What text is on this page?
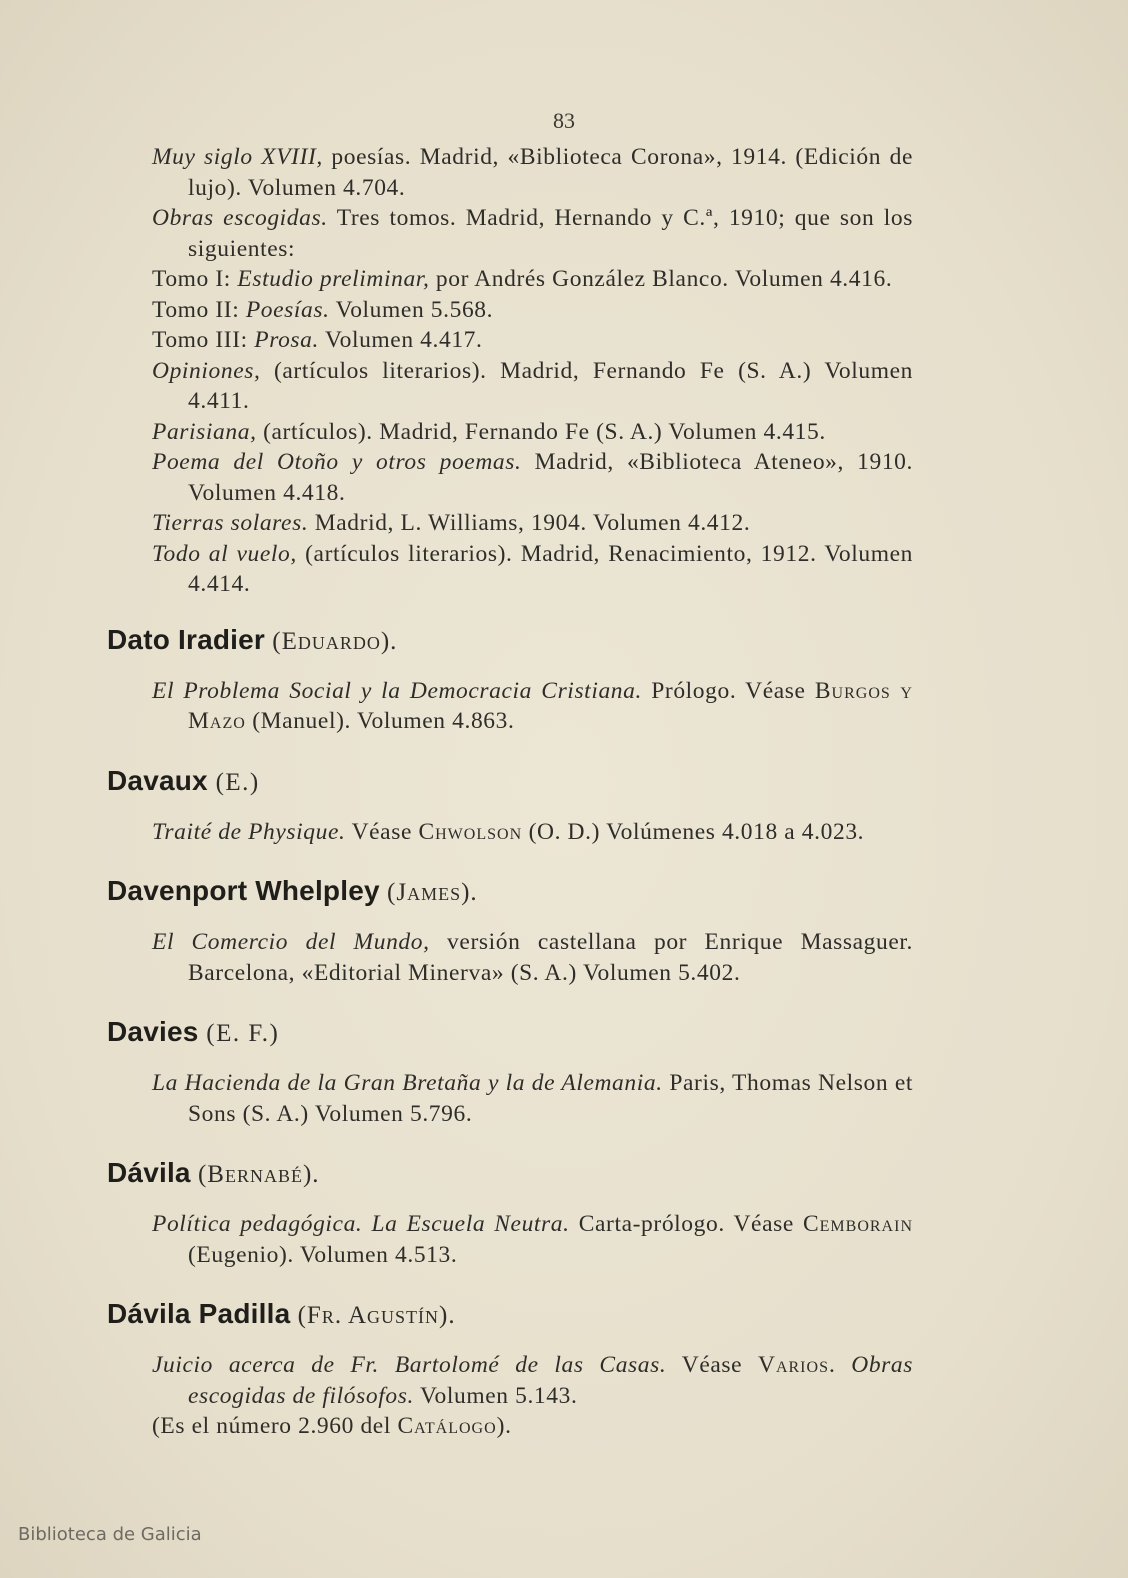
83

Muy siglo XVIII, poesías. Madrid, «Biblioteca Corona», 1914. (Edición de lujo). Volumen 4.704.

Obras escogidas. Tres tomos. Madrid, Hernando y C.ª, 1910; que son los siguientes:

Tomo I: Estudio preliminar, por Andrés González Blanco. Volumen 4.416.

Tomo II: Poesías. Volumen 5.568.

Tomo III: Prosa. Volumen 4.417.

Opiniones, (artículos literarios). Madrid, Fernando Fe (S. A.) Volumen 4.411.

Parisiana, (artículos). Madrid, Fernando Fe (S. A.) Volumen 4.415.

Poema del Otoño y otros poemas. Madrid, «Biblioteca Ateneo», 1910. Volumen 4.418.

Tierras solares. Madrid, L. Williams, 1904. Volumen 4.412.

Todo al vuelo, (artículos literarios). Madrid, Renacimiento, 1912. Volumen 4.414.

Dato Iradier (Eduardo).

El Problema Social y la Democracia Cristiana. Prólogo. Véase Burgos y Mazo (Manuel). Volumen 4.863.

Davaux (E.)

Traité de Physique. Véase Chwolson (O. D.) Volúmenes 4.018 a 4.023.

Davenport Whelpley (James).

El Comercio del Mundo, versión castellana por Enrique Massaguer. Barcelona, «Editorial Minerva» (S. A.) Volumen 5.402.

Davies (E. F.)

La Hacienda de la Gran Bretaña y la de Alemania. Paris, Thomas Nelson et Sons (S. A.) Volumen 5.796.

Dávila (Bernabé).

Política pedagógica. La Escuela Neutra. Carta-prólogo. Véase Cemborain (Eugenio). Volumen 4.513.

Dávila Padilla (Fr. Agustín).

Juicio acerca de Fr. Bartolomé de las Casas. Véase Varios. Obras escogidas de filósofos. Volumen 5.143.

(Es el número 2.960 del Catálogo).

Biblioteca de Galicia
